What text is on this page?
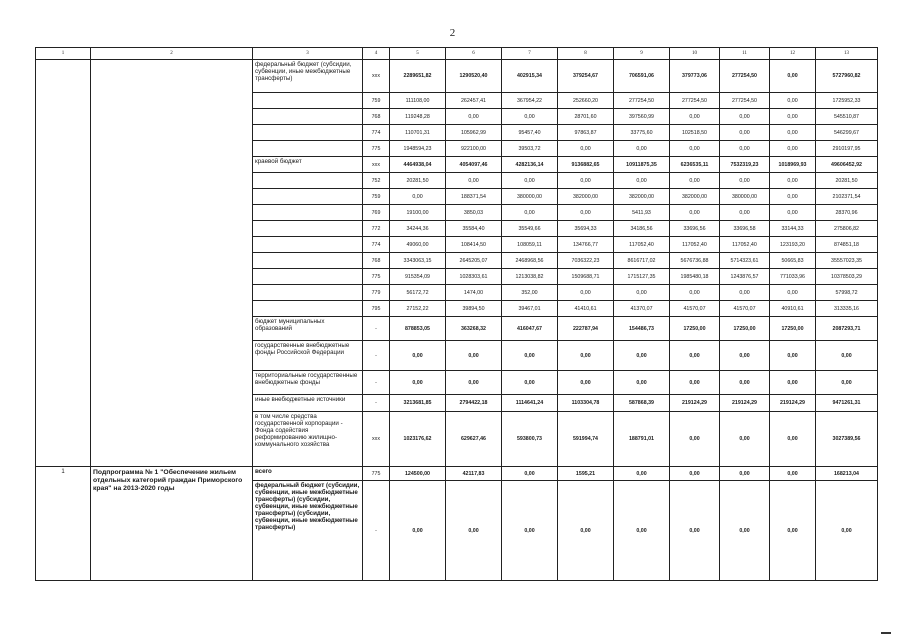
2
1	2	3	4	5	6	7	8	9	10	11	12	13
		федеральный бюджет (субсидии, субвенции, иные межбюджетные трансферты)	xxx	2289651,82	1290520,40	402915,34	379254,67	706591,06	379773,06	277254,50	0,00	5727960,82
			759	111108,00	262457,41	367954,22	252660,20	277254,50	277254,50	277254,50	0,00	1725952,33
			768	119248,28	0,00	0,00	28701,60	397560,99	0,00	0,00	0,00	545510,87
			774	110701,31	105962,99	95457,40	97863,87	33775,60	102518,50	0,00	0,00	546299,67
			775	1948594,23	922100,00	39503,72	0,00	0,00	0,00	0,00	0,00	2910197,95
		краевой бюджет	xxx	4464938,04	4054097,46	4282136,14	9136882,65	10911875,35	6236535,11	7532319,23	1018969,93	49606452,92
			752	20281,50	0,00	0,00	0,00	0,00	0,00	0,00	0,00	20281,50
			759	0,00	188371,54	380000,00	382000,00	382000,00	382000,00	380000,00	0,00	2102371,54
			769	19100,00	3850,03	0,00	0,00	5411,93	0,00	0,00	0,00	28370,96
			772	34244,36	35584,40	35549,66	35694,33	34186,56	33696,56	33696,58	33144,33	275806,82
			774	49060,00	108414,50	108059,11	134766,77	117052,40	117052,40	117052,40	123193,20	874851,18
			768	3343063,15	2645205,07	2468968,56	7036322,23	8616717,02	5676736,88	5714323,61	50665,83	35557023,35
			775	915354,09	1028303,61	1213038,82	1509688,71	1715127,35	1985480,18	1243876,57	771033,96	10378503,29
			779	56172,72	1474,00	352,00	0,00	0,00	0,00	0,00	0,00	57998,72
			795	27152,22	39894,50	39467,01	41410,61	41370,07	41570,07	41570,07	40910,61	313335,16
		бюджет муниципальных образований	-	878853,05	363268,32	416047,67	222787,94	154486,73	17250,00	17250,00	17250,00	2087293,71
		государственные внебюджетные фонды Российской Федерации	-	0,00	0,00	0,00	0,00	0,00	0,00	0,00	0,00	0,00
		территориальные государственные внебюджетные фонды	-	0,00	0,00	0,00	0,00	0,00	0,00	0,00	0,00	0,00
		иные внебюджетные источники	-	3213681,85	2794422,18	1114641,24	1103304,78	587868,39	219124,29	219124,29	219124,29	9471261,31
		в том числе средства государственной корпорации - Фонда содействия реформированию жилищно-коммунального хозяйства	xxx	1023176,62	629627,46	593800,73	591994,74	188791,01	0,00	0,00	0,00	3027389,56
1	Подпрограмма № 1 "Обеспечение жильем отдельных категорий граждан Приморского края" на 2013-2020 годы	всего	775	124500,00	42117,83	0,00	1595,21	0,00	0,00	0,00	0,00	168213,04
		федеральный бюджет (субсидии, субвенции, иные межбюджетные трансферты) (субсидии, субвенции, иные межбюджетные трансферты) (субсидии, субвенции, иные межбюджетные трансферты)	-	0,00	0,00	0,00	0,00	0,00	0,00	0,00	0,00	0,00
